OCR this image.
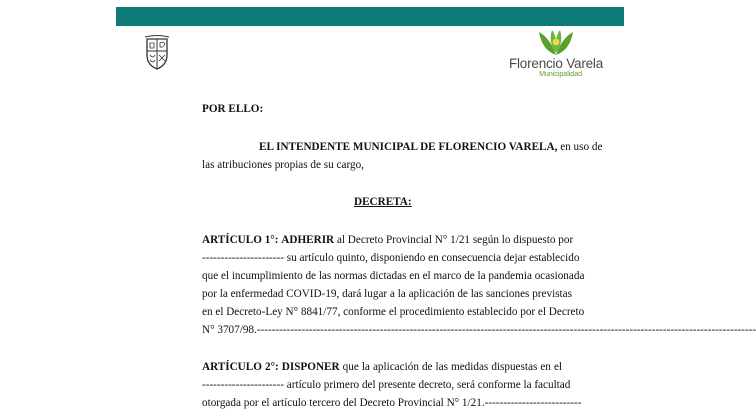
Florencio Varela
Municipalidad
POR ELLO:
EL INTENDENTE MUNICIPAL DE FLORENCIO VARELA, en uso de
las atribuciones propias de su cargo,
DECRETA:
ARTÍCULO 1°: ADHERIR al Decreto Provincial N° 1/21 según lo dispuesto por
---------------------- su artículo quinto, disponiendo en consecuencia dejar establecido
que el incumplimiento de las normas dictadas en el marco de la pandemia ocasionada
por la enfermedad COVID-19, dará lugar a la aplicación de las sanciones previstas
en el Decreto-Ley N° 8841/77, conforme el procedimiento establecido por el Decreto
N° 3707/98.--------------------------------------------------------------------------------------------------------------------------------------
ARTÍCULO 2°: DISPONER que la aplicación de las medidas dispuestas en el
---------------------- artículo primero del presente decreto, será conforme la facultad
otorgada por el artículo tercero del Decreto Provincial N° 1/21.--------------------------
